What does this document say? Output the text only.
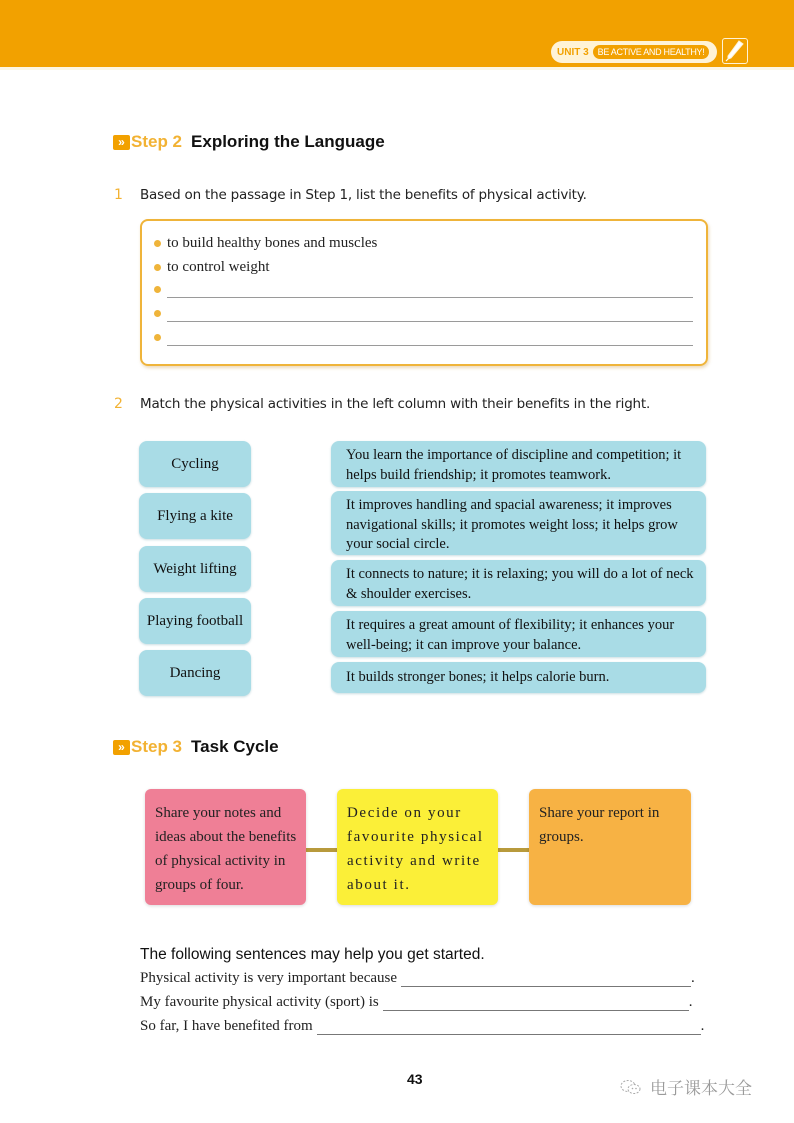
UNIT 3	BE ACTIVE AND HEALTHY!
» Step 2 Exploring the Language
1 Based on the passage in Step 1, list the benefits of physical activity.
to build healthy bones and muscles
to control weight
2 Match the physical activities in the left column with their benefits in the right.
Cycling
Flying a kite
Weight lifting
Playing football
Dancing
You learn the importance of discipline and competition; it helps build friendship; it promotes teamwork.
It improves handling and spacial awareness; it improves navigational skills; it promotes weight loss; it helps grow your social circle.
It connects to nature; it is relaxing; you will do a lot of neck & shoulder exercises.
It requires a great amount of flexibility; it enhances your well-being; it can improve your balance.
It builds stronger bones; it helps calorie burn.
» Step 3 Task Cycle
Share your notes and ideas about the benefits of physical activity in groups of four.
Decide on your favourite physical activity and write about it.
Share your report in groups.
The following sentences may help you get started.
Physical activity is very important because	.
My favourite physical activity (sport) is	.
So far, I have benefited from	.
43	电子课本大全
